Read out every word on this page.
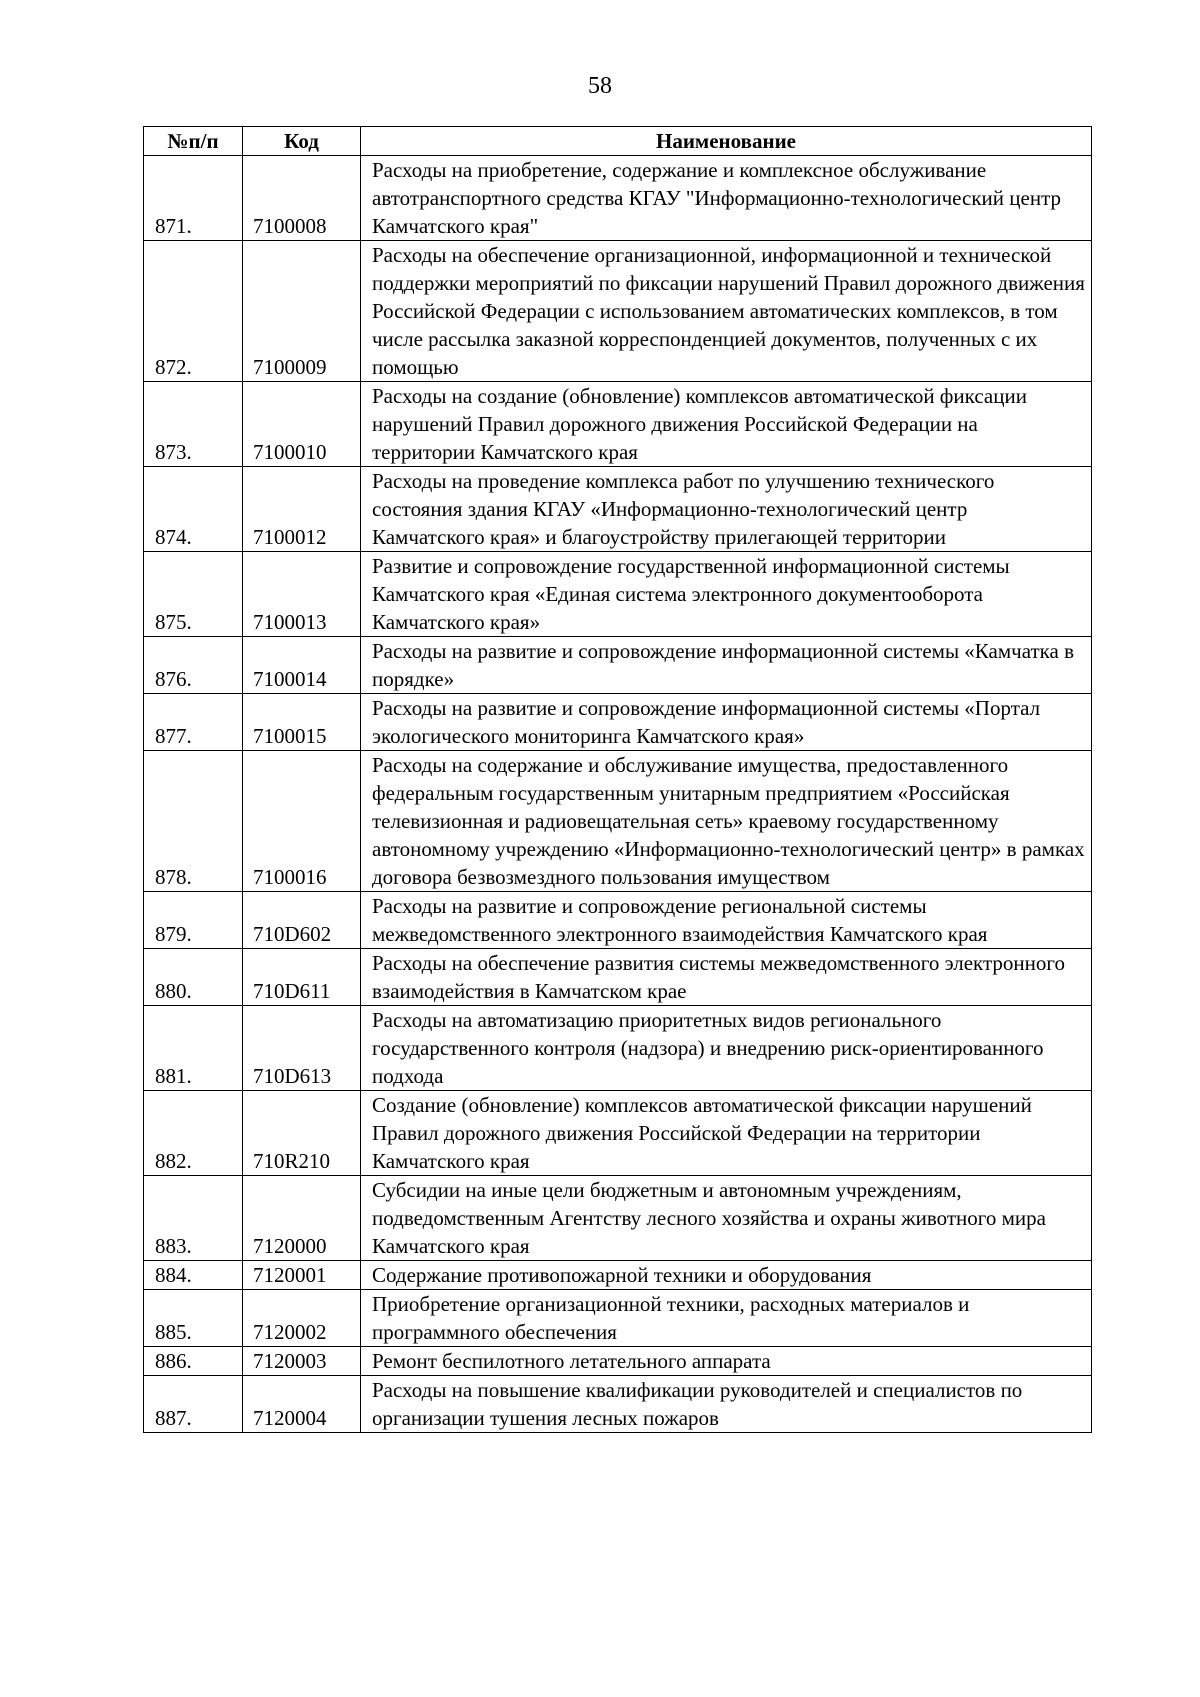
58
№п/п	Код	Наименование
871.	7100008	Расходы на приобретение, содержание и комплексное обслуживание автотранспортного средства КГАУ "Информационно-технологический центр Камчатского края"
872.	7100009	Расходы на обеспечение организационной, информационной и технической поддержки мероприятий по фиксации нарушений Правил дорожного движения Российской Федерации с использованием автоматических комплексов, в том числе рассылка заказной корреспонденцией документов, полученных с их помощью
873.	7100010	Расходы на создание (обновление) комплексов автоматической фиксации нарушений Правил дорожного движения Российской Федерации на территории Камчатского края
874.	7100012	Расходы на проведение комплекса работ по улучшению технического состояния здания КГАУ «Информационно-технологический центр Камчатского края» и благоустройству прилегающей территории
875.	7100013	Развитие и сопровождение государственной информационной системы Камчатского края «Единая система электронного документооборота Камчатского края»
876.	7100014	Расходы на развитие и сопровождение информационной системы «Камчатка в порядке»
877.	7100015	Расходы на развитие и сопровождение информационной системы «Портал экологического мониторинга Камчатского края»
878.	7100016	Расходы на содержание и обслуживание имущества, предоставленного федеральным государственным унитарным предприятием «Российская телевизионная и радиовещательная сеть» краевому государственному автономному учреждению «Информационно-технологический центр» в рамках договора безвозмездного пользования имуществом
879.	710D602	Расходы на развитие и сопровождение региональной системы межведомственного электронного взаимодействия Камчатского края
880.	710D611	Расходы на обеспечение развития системы межведомственного электронного взаимодействия в Камчатском крае
881.	710D613	Расходы на автоматизацию приоритетных видов регионального государственного контроля (надзора) и внедрению риск-ориентированного подхода
882.	710R210	Создание (обновление) комплексов автоматической фиксации нарушений Правил дорожного движения Российской Федерации на территории Камчатского края
883.	7120000	Субсидии на иные цели бюджетным и автономным учреждениям, подведомственным Агентству лесного хозяйства и охраны животного мира Камчатского края
884.	7120001	Содержание противопожарной техники и оборудования
885.	7120002	Приобретение организационной техники, расходных материалов и программного обеспечения
886.	7120003	Ремонт беспилотного летательного аппарата
887.	7120004	Расходы на повышение квалификации руководителей и специалистов по организации тушения лесных пожаров
